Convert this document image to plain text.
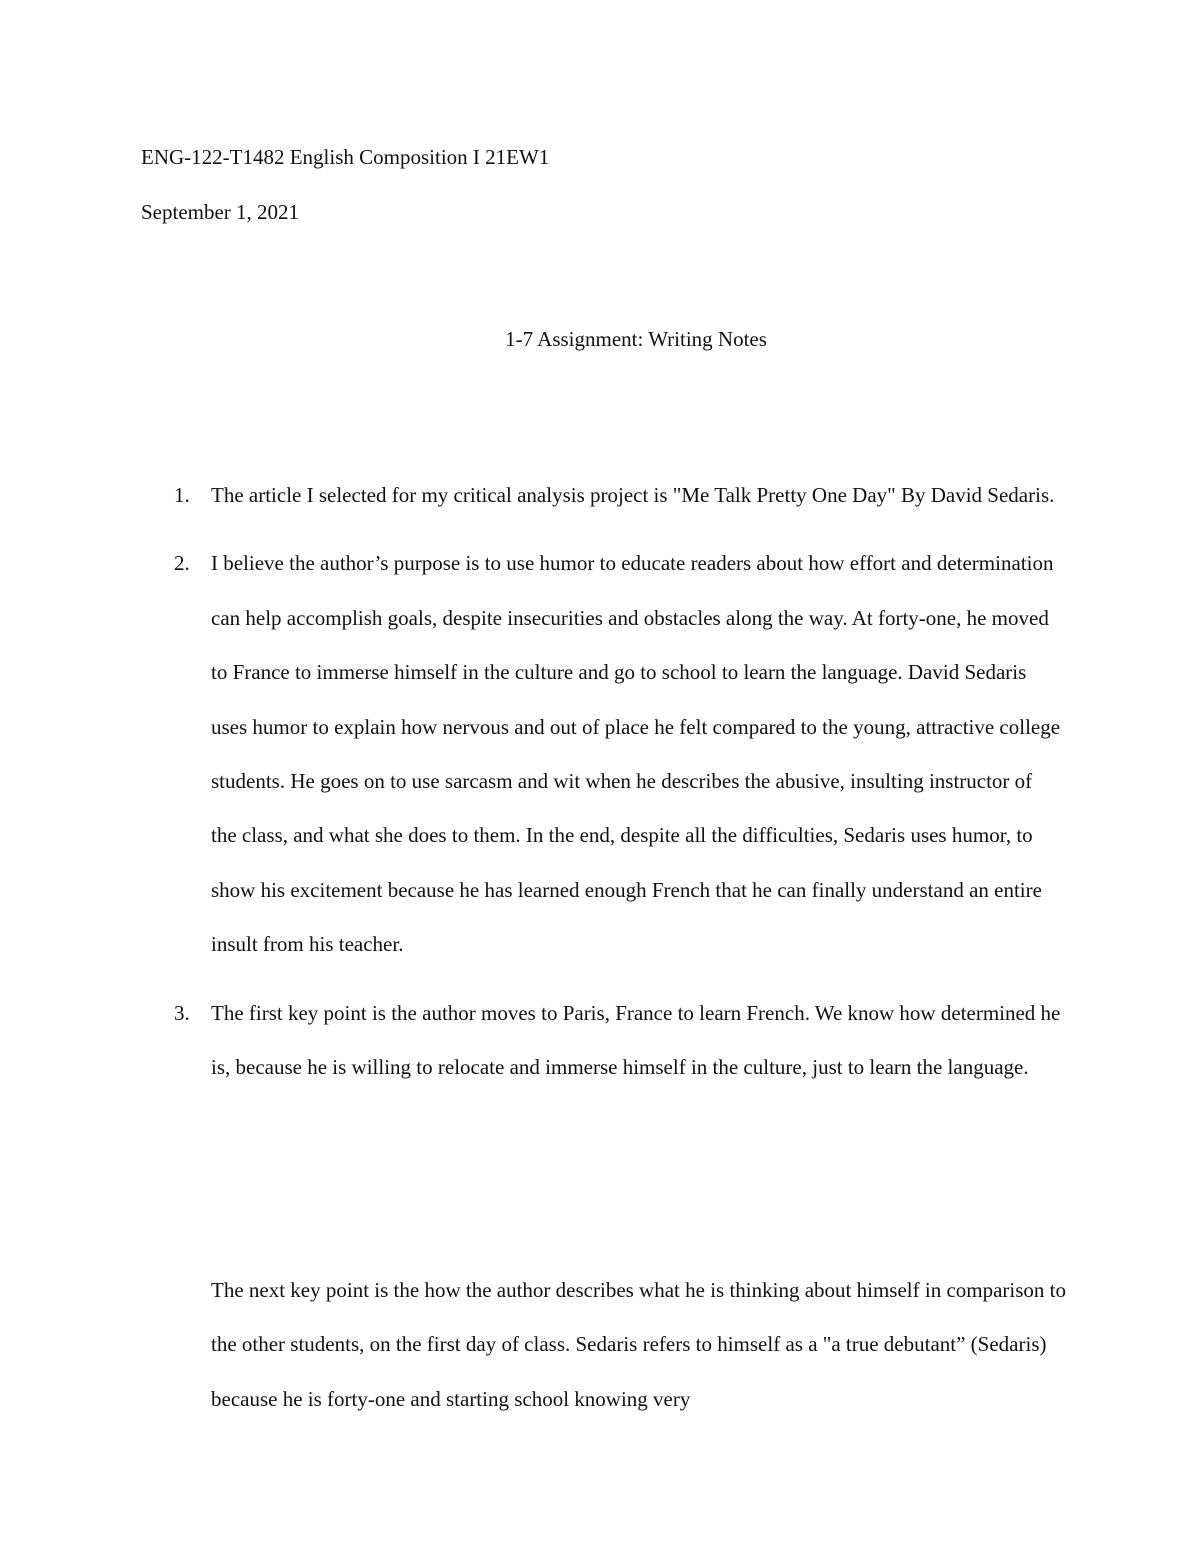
ENG-122-T1482 English Composition I 21EW1
September 1, 2021
1-7 Assignment: Writing Notes
1. The article I selected for my critical analysis project is "Me Talk Pretty One Day" By David Sedaris.
2. I believe the author’s purpose is to use humor to educate readers about how effort and determination can help accomplish goals, despite insecurities and obstacles along the way. At forty-one, he moved to France to immerse himself in the culture and go to school to learn the language. David Sedaris uses humor to explain how nervous and out of place he felt compared to the young, attractive college students. He goes on to use sarcasm and wit when he describes the abusive, insulting instructor of the class, and what she does to them. In the end, despite all the difficulties, Sedaris uses humor, to show his excitement because he has learned enough French that he can finally understand an entire insult from his teacher.
3. The first key point is the author moves to Paris, France to learn French. We know how determined he is, because he is willing to relocate and immerse himself in the culture, just to learn the language.
The next key point is the how the author describes what he is thinking about himself in comparison to the other students, on the first day of class. Sedaris refers to himself as a "a true debutant” (Sedaris) because he is forty-one and starting school knowing very
